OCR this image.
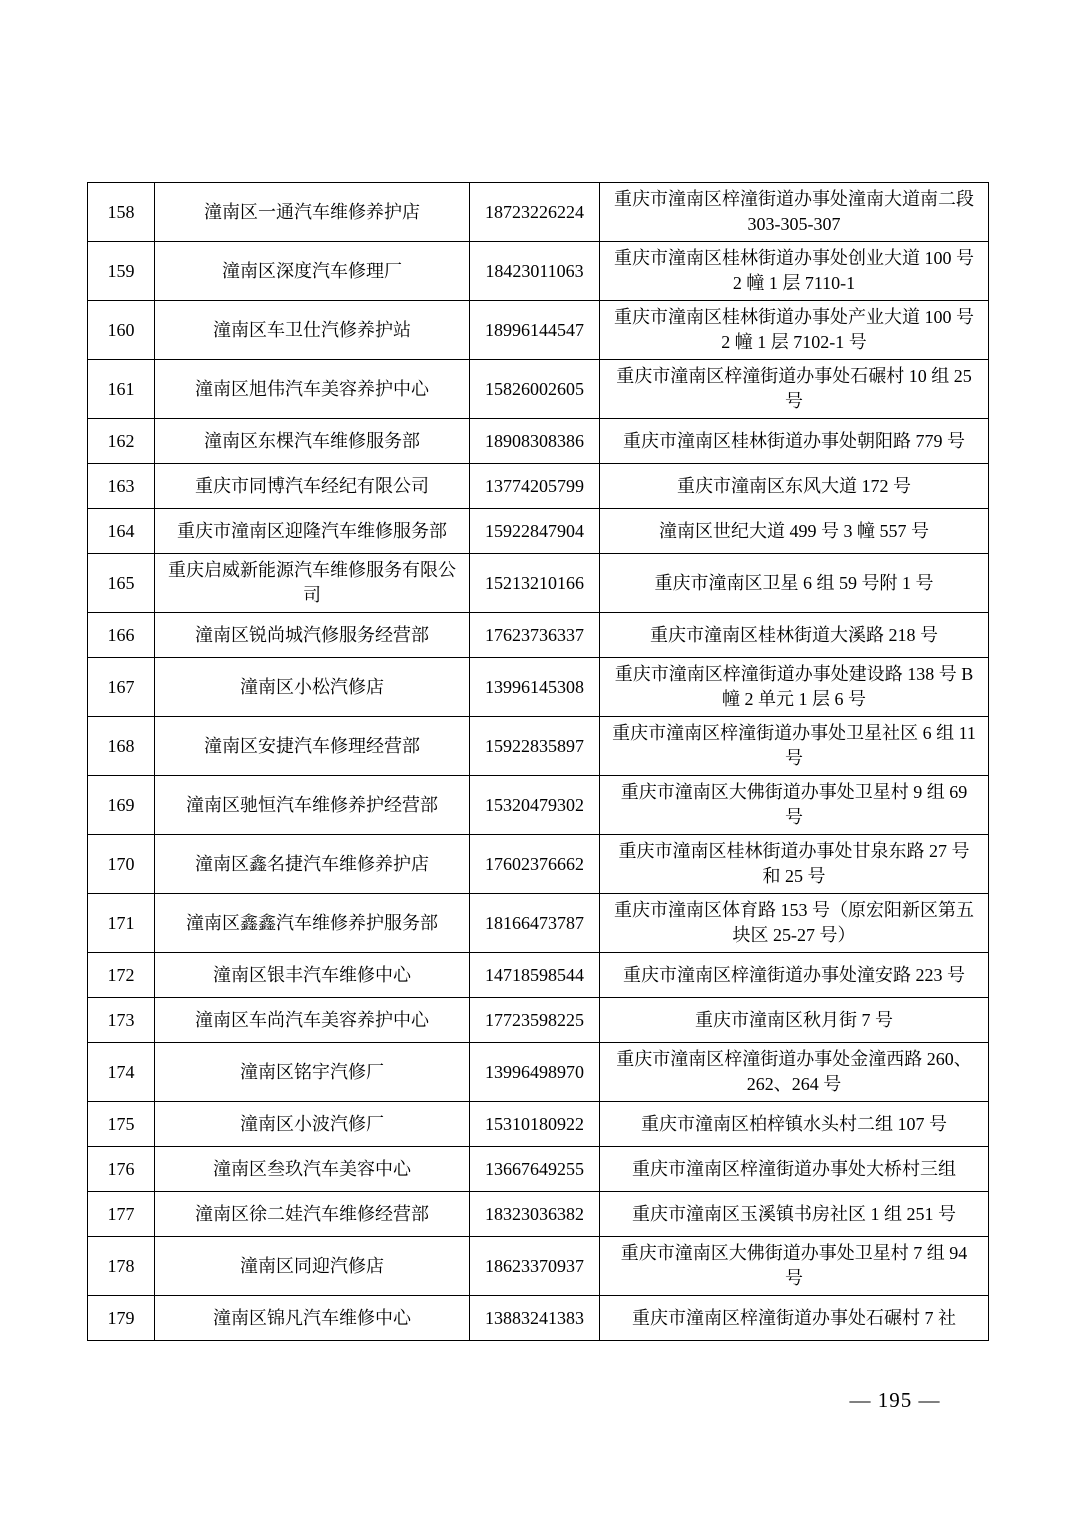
158	潼南区一通汽车维修养护店	18723226224	重庆市潼南区梓潼街道办事处潼南大道南二段 303-305-307
159	潼南区深度汽车修理厂	18423011063	重庆市潼南区桂林街道办事处创业大道 100 号 2 幢 1 层 7110-1
160	潼南区车卫仕汽修养护站	18996144547	重庆市潼南区桂林街道办事处产业大道 100 号 2 幢 1 层 7102-1 号
161	潼南区旭伟汽车美容养护中心	15826002605	重庆市潼南区梓潼街道办事处石碾村 10 组 25 号
162	潼南区东棵汽车维修服务部	18908308386	重庆市潼南区桂林街道办事处朝阳路 779 号
163	重庆市同博汽车经纪有限公司	13774205799	重庆市潼南区东风大道 172 号
164	重庆市潼南区迎隆汽车维修服务部	15922847904	潼南区世纪大道 499 号 3 幢 557 号
165	重庆启威新能源汽车维修服务有限公司	15213210166	重庆市潼南区卫星 6 组 59 号附 1 号
166	潼南区锐尚城汽修服务经营部	17623736337	重庆市潼南区桂林街道大溪路 218 号
167	潼南区小松汽修店	13996145308	重庆市潼南区梓潼街道办事处建设路 138 号 B 幢 2 单元 1 层 6 号
168	潼南区安捷汽车修理经营部	15922835897	重庆市潼南区梓潼街道办事处卫星社区 6 组 11 号
169	潼南区驰恒汽车维修养护经营部	15320479302	重庆市潼南区大佛街道办事处卫星村 9 组 69 号
170	潼南区鑫名捷汽车维修养护店	17602376662	重庆市潼南区桂林街道办事处甘泉东路 27 号和 25 号
171	潼南区鑫鑫汽车维修养护服务部	18166473787	重庆市潼南区体育路 153 号（原宏阳新区第五块区 25-27 号）
172	潼南区银丰汽车维修中心	14718598544	重庆市潼南区梓潼街道办事处潼安路 223 号
173	潼南区车尚汽车美容养护中心	17723598225	重庆市潼南区秋月街 7 号
174	潼南区铭宇汽修厂	13996498970	重庆市潼南区梓潼街道办事处金潼西路 260、262、264 号
175	潼南区小波汽修厂	15310180922	重庆市潼南区柏梓镇水头村二组 107 号
176	潼南区叁玖汽车美容中心	13667649255	重庆市潼南区梓潼街道办事处大桥村三组
177	潼南区徐二娃汽车维修经营部	18323036382	重庆市潼南区玉溪镇书房社区 1 组 251 号
178	潼南区同迎汽修店	18623370937	重庆市潼南区大佛街道办事处卫星村 7 组 94 号
179	潼南区锦凡汽车维修中心	13883241383	重庆市潼南区梓潼街道办事处石碾村 7 社
— 195 —
